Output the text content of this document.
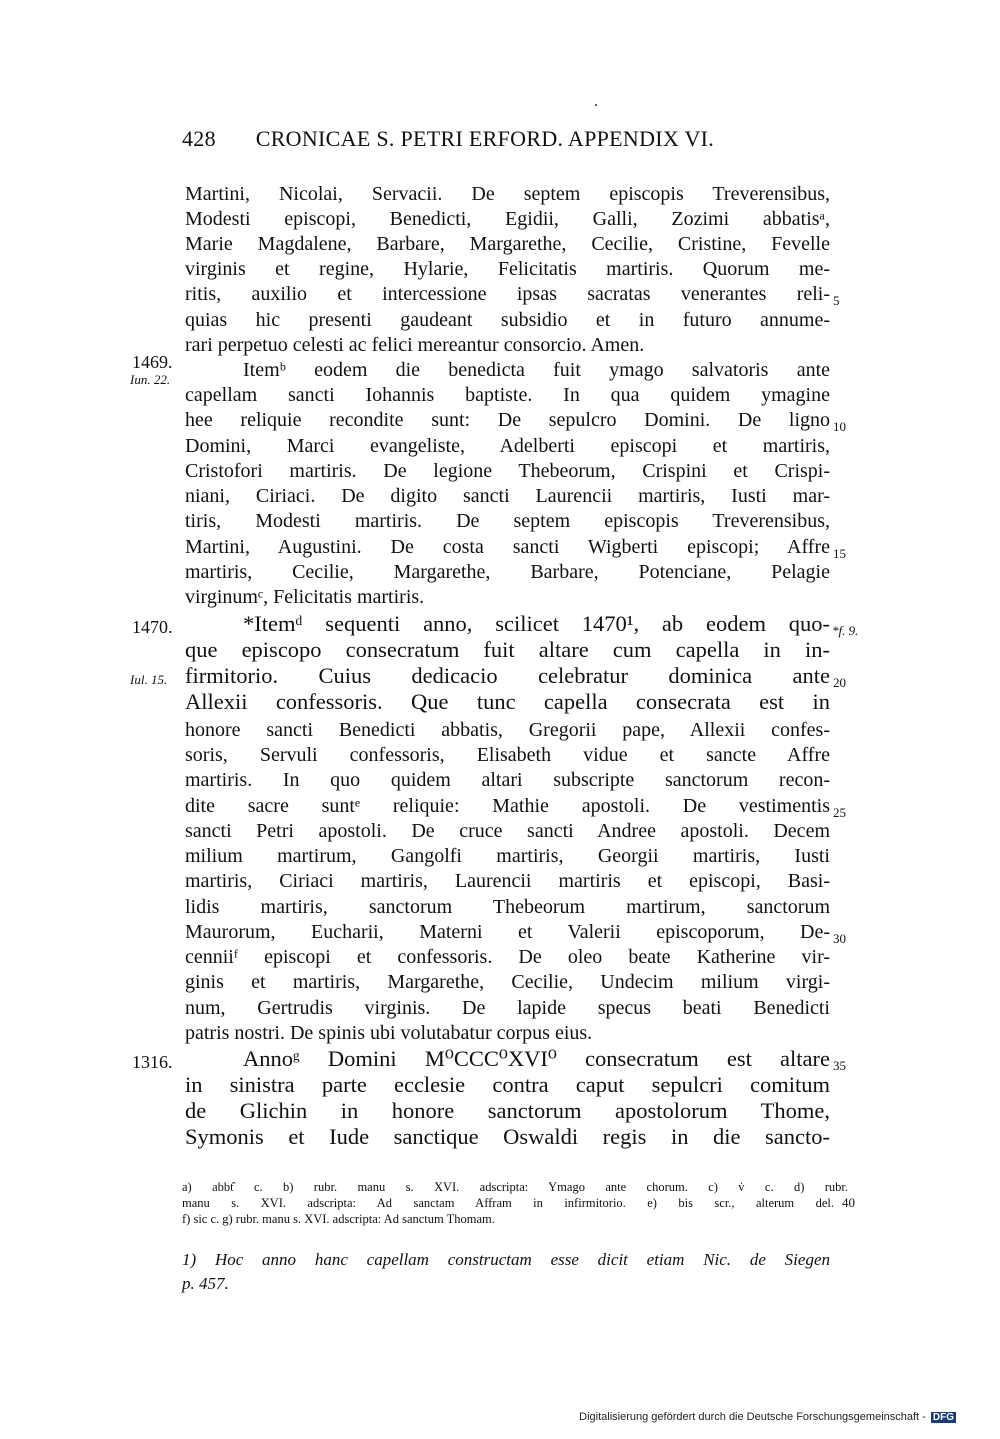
428 CRONICAE S. PETRI ERFORD. APPENDIX VI.
Martini, Nicolai, Servacii. De septem episcopis Treverensibus,
Modesti episcopi, Benedicti, Egidii, Galli, Zozimi abbatisᵃ,
Marie Magdalene, Barbare, Margarethe, Cecilie, Cristine, Fevelle
virginis et regine, Hylarie, Felicitatis martiris. Quorum me-
ritis, auxilio et intercessione ipsas sacratas venerantes reli-
quias hic presenti gaudeant subsidio et in futuro annume-
rari perpetuo celesti ac felici mereantur consorcio. Amen.
Itemᵇ eodem die benedicta fuit ymago salvatoris ante
capellam sancti Iohannis baptiste. In qua quidem ymagine
hee reliquie recondite sunt: De sepulcro Domini. De ligno
Domini, Marci evangeliste, Adelberti episcopi et martiris,
Cristofori martiris. De legione Thebeorum, Crispini et Crispi-
niani, Ciriaci. De digito sancti Laurencii martiris, Iusti mar-
tiris, Modesti martiris. De septem episcopis Treverensibus,
Martini, Augustini. De costa sancti Wigberti episcopi; Affre
martiris, Cecilie, Margarethe, Barbare, Potenciane, Pelagie
virginumᶜ, Felicitatis martiris.
*Itemᵈ sequenti anno, scilicet 1470¹, ab eodem quo-
que episcopo consecratum fuit altare cum capella in in-
firmitorio. Cuius dedicacio celebratur dominica ante
Allexii confessoris. Que tunc capella consecrata est in
honore sancti Benedicti abbatis, Gregorii pape, Allexii confes-
soris, Servuli confessoris, Elisabeth vidue et sancte Affre
martiris. In quo quidem altari subscripte sanctorum recon-
dite sacre suntᵉ reliquie: Mathie apostoli. De vestimentis
sancti Petri apostoli. De cruce sancti Andree apostoli. Decem
milium martirum, Gangolfi martiris, Georgii martiris, Iusti
martiris, Ciriaci martiris, Laurencii martiris et episcopi, Basi-
lidis martiris, sanctorum Thebeorum martirum, sanctorum
Maurorum, Eucharii, Materni et Valerii episcoporum, De-
cenniiᶠ episcopi et confessoris. De oleo beate Katherine vir-
ginis et martiris, Margarethe, Cecilie, Undecim milium virgi-
num, Gertrudis virginis. De lapide specus beati Benedicti
patris nostri. De spinis ubi volutabatur corpus eius.
Annoᵍ Domini M⁰CCC⁰XVI⁰ consecratum est altare
in sinistra parte ecclesie contra caput sepulcri comitum
de Glichin in honore sanctorum apostolorum Thome,
Symonis et Iude sanctique Oswaldi regis in die sancto-
5
10
15
20
25
30
35
40
1469.
Iun. 22.
1470.	*f. 9.
Iul. 15.
1316.
a) abbt̑ c. b) rubr. manu s. XVI. adscripta: Ymago ante chorum. c) v̇ c. d) rubr.
manu s. XVI. adscripta: Ad sanctam Affram in infirmitorio. e) bis scr., alterum del.
f) sic c. g) rubr. manu s. XVI. adscripta: Ad sanctum Thomam.
1) Hoc anno hanc capellam constructam esse dicit etiam Nic. de Siegen
p. 457.
Digitalisierung gefördert durch die Deutsche Forschungsgemeinschaft - DFG
